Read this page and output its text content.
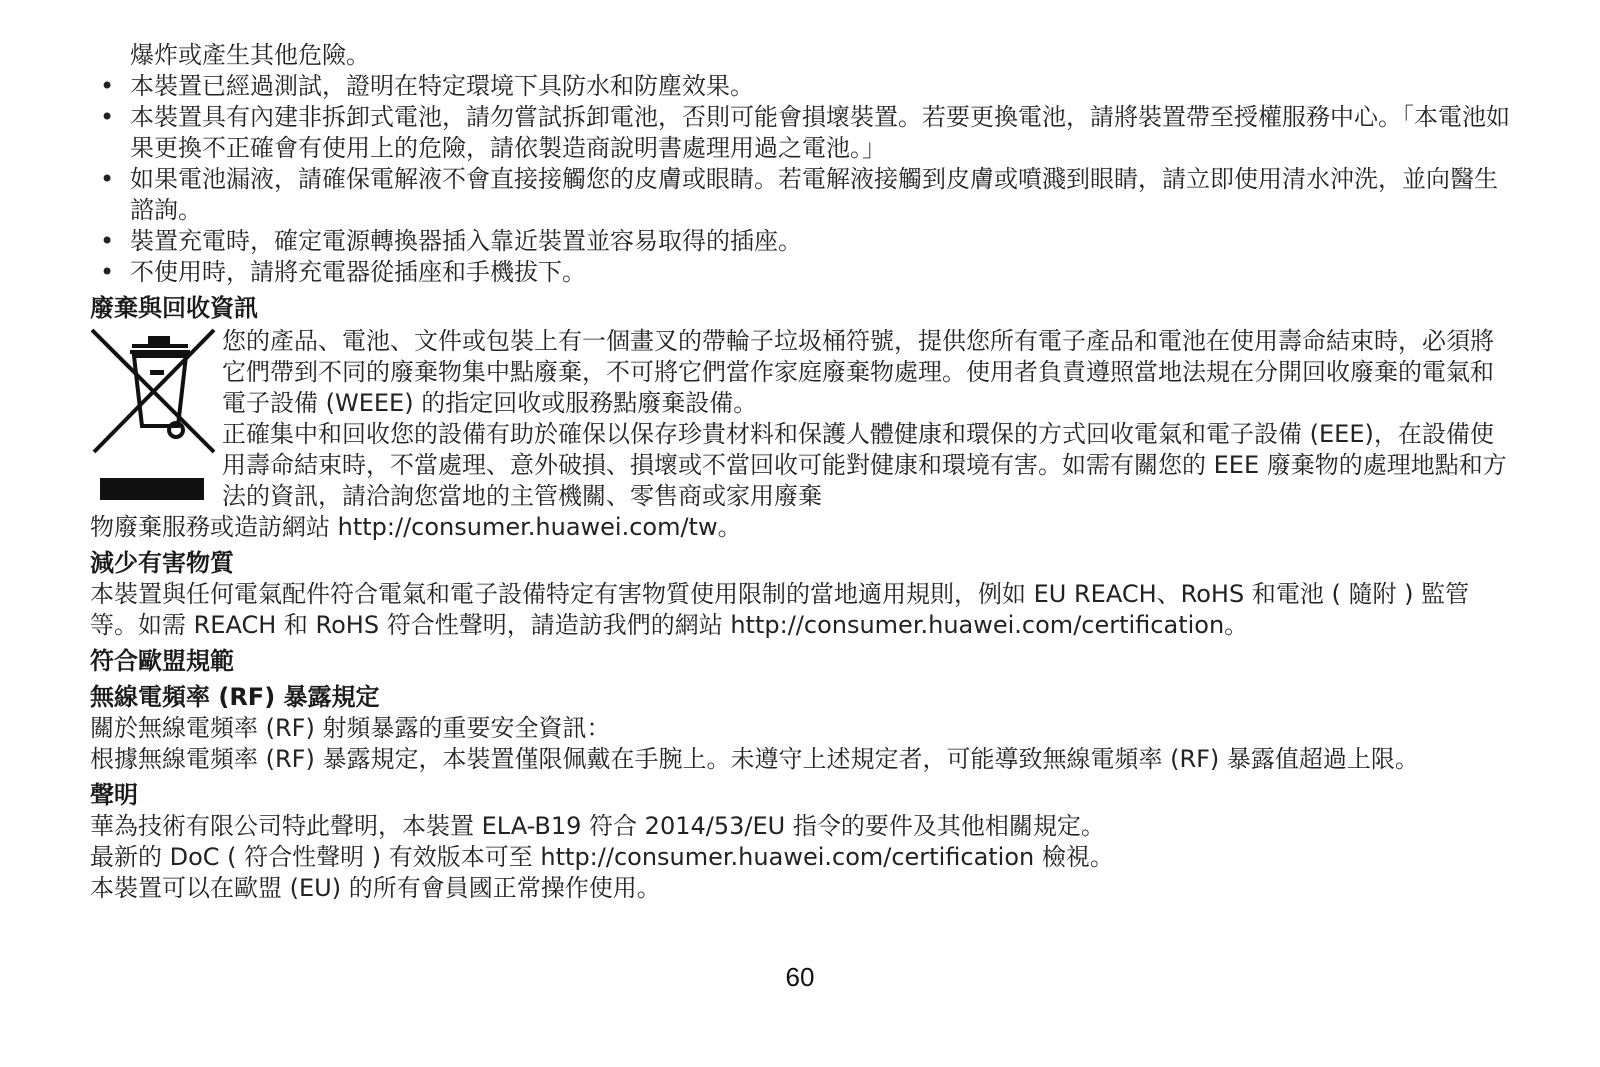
爆炸或產生其他危險。

• 本裝置已經過測試，證明在特定環境下具防水和防塵效果。
• 本裝置具有內建非拆卸式電池，請勿嘗試拆卸電池，否則可能會損壞裝置。若要更換電池，請將裝置帶至授權服務中心。「本電池如果更換不正確會有使用上的危險，請依製造商說明書處理用過之電池。」
• 如果電池漏液，請確保電解液不會直接接觸您的皮膚或眼睛。若電解液接觸到皮膚或噴濺到眼睛，請立即使用清水沖洗，並向醫生諮詢。
• 裝置充電時，確定電源轉換器插入靠近裝置並容易取得的插座。
• 不使用時，請將充電器從插座和手機拔下。
廢棄與回收資訊

您的產品、電池、文件或包裝上有一個畫叉的帶輪子垃圾桶符號，提供您所有電子產品和電池在使用壽命結束時，必須將它們帶到不同的廢棄物集中點廢棄，不可將它們當作家庭廢棄物處理。使用者負責遵照當地法規在分開回收廢棄的電氣和電子設備 (WEEE) 的指定回收或服務點廢棄設備。

正確集中和回收您的設備有助於確保以保存珍貴材料和保護人體健康和環保的方式回收電氣和電子設備 (EEE)，在設備使用壽命結束時，不當處理、意外破損、損壞或不當回收可能對健康和環境有害。如需有關您的 EEE 廢棄物的處理地點和方法的資訊，請洽詢您當地的主管機關、零售商或家用廢棄

物廢棄服務或造訪網站 http://consumer.huawei.com/tw。

減少有害物質

本裝置與任何電氣配件符合電氣和電子設備特定有害物質使用限制的當地適用規則，例如 EU REACH、RoHS 和電池 ( 隨附 ) 監管等。如需 REACH 和 RoHS 符合性聲明，請造訪我們的網站 http://consumer.huawei.com/certification。

符合歐盟規範
無線電頻率 (RF) 暴露規定

關於無線電頻率 (RF) 射頻暴露的重要安全資訊：

根據無線電頻率 (RF) 暴露規定，本裝置僅限佩戴在手腕上。未遵守上述規定者，可能導致無線電頻率 (RF) 暴露值超過上限。

聲明

華為技術有限公司特此聲明，本裝置 ELA-B19 符合 2014/53/EU 指令的要件及其他相關規定。

最新的 DoC ( 符合性聲明 ) 有效版本可至 http://consumer.huawei.com/certification 檢視。

本裝置可以在歐盟 (EU) 的所有會員國正常操作使用。

60
